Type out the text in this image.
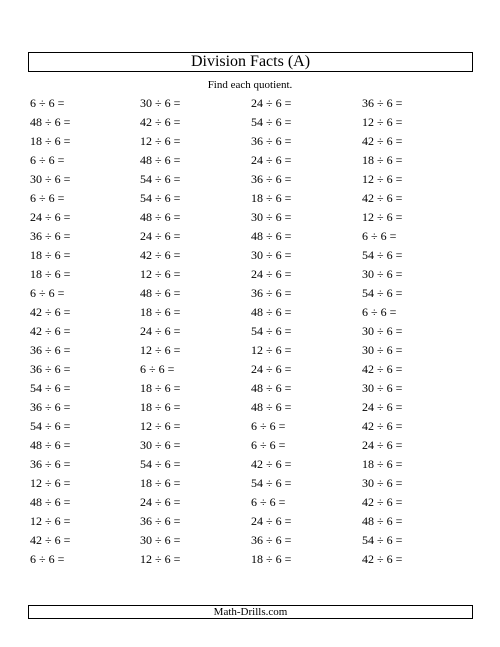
Division Facts (A)
Find each quotient.
6 ÷ 6 =	30 ÷ 6 =	24 ÷ 6 =	36 ÷ 6 =
48 ÷ 6 =	42 ÷ 6 =	54 ÷ 6 =	12 ÷ 6 =
18 ÷ 6 =	12 ÷ 6 =	36 ÷ 6 =	42 ÷ 6 =
6 ÷ 6 =	48 ÷ 6 =	24 ÷ 6 =	18 ÷ 6 =
30 ÷ 6 =	54 ÷ 6 =	36 ÷ 6 =	12 ÷ 6 =
6 ÷ 6 =	54 ÷ 6 =	18 ÷ 6 =	42 ÷ 6 =
24 ÷ 6 =	48 ÷ 6 =	30 ÷ 6 =	12 ÷ 6 =
36 ÷ 6 =	24 ÷ 6 =	48 ÷ 6 =	6 ÷ 6 =
18 ÷ 6 =	42 ÷ 6 =	30 ÷ 6 =	54 ÷ 6 =
18 ÷ 6 =	12 ÷ 6 =	24 ÷ 6 =	30 ÷ 6 =
6 ÷ 6 =	48 ÷ 6 =	36 ÷ 6 =	54 ÷ 6 =
42 ÷ 6 =	18 ÷ 6 =	48 ÷ 6 =	6 ÷ 6 =
42 ÷ 6 =	24 ÷ 6 =	54 ÷ 6 =	30 ÷ 6 =
36 ÷ 6 =	12 ÷ 6 =	12 ÷ 6 =	30 ÷ 6 =
36 ÷ 6 =	6 ÷ 6 =	24 ÷ 6 =	42 ÷ 6 =
54 ÷ 6 =	18 ÷ 6 =	48 ÷ 6 =	30 ÷ 6 =
36 ÷ 6 =	18 ÷ 6 =	48 ÷ 6 =	24 ÷ 6 =
54 ÷ 6 =	12 ÷ 6 =	6 ÷ 6 =	42 ÷ 6 =
48 ÷ 6 =	30 ÷ 6 =	6 ÷ 6 =	24 ÷ 6 =
36 ÷ 6 =	54 ÷ 6 =	42 ÷ 6 =	18 ÷ 6 =
12 ÷ 6 =	18 ÷ 6 =	54 ÷ 6 =	30 ÷ 6 =
48 ÷ 6 =	24 ÷ 6 =	6 ÷ 6 =	42 ÷ 6 =
12 ÷ 6 =	36 ÷ 6 =	24 ÷ 6 =	48 ÷ 6 =
42 ÷ 6 =	30 ÷ 6 =	36 ÷ 6 =	54 ÷ 6 =
6 ÷ 6 =	12 ÷ 6 =	18 ÷ 6 =	42 ÷ 6 =
Math-Drills.com
